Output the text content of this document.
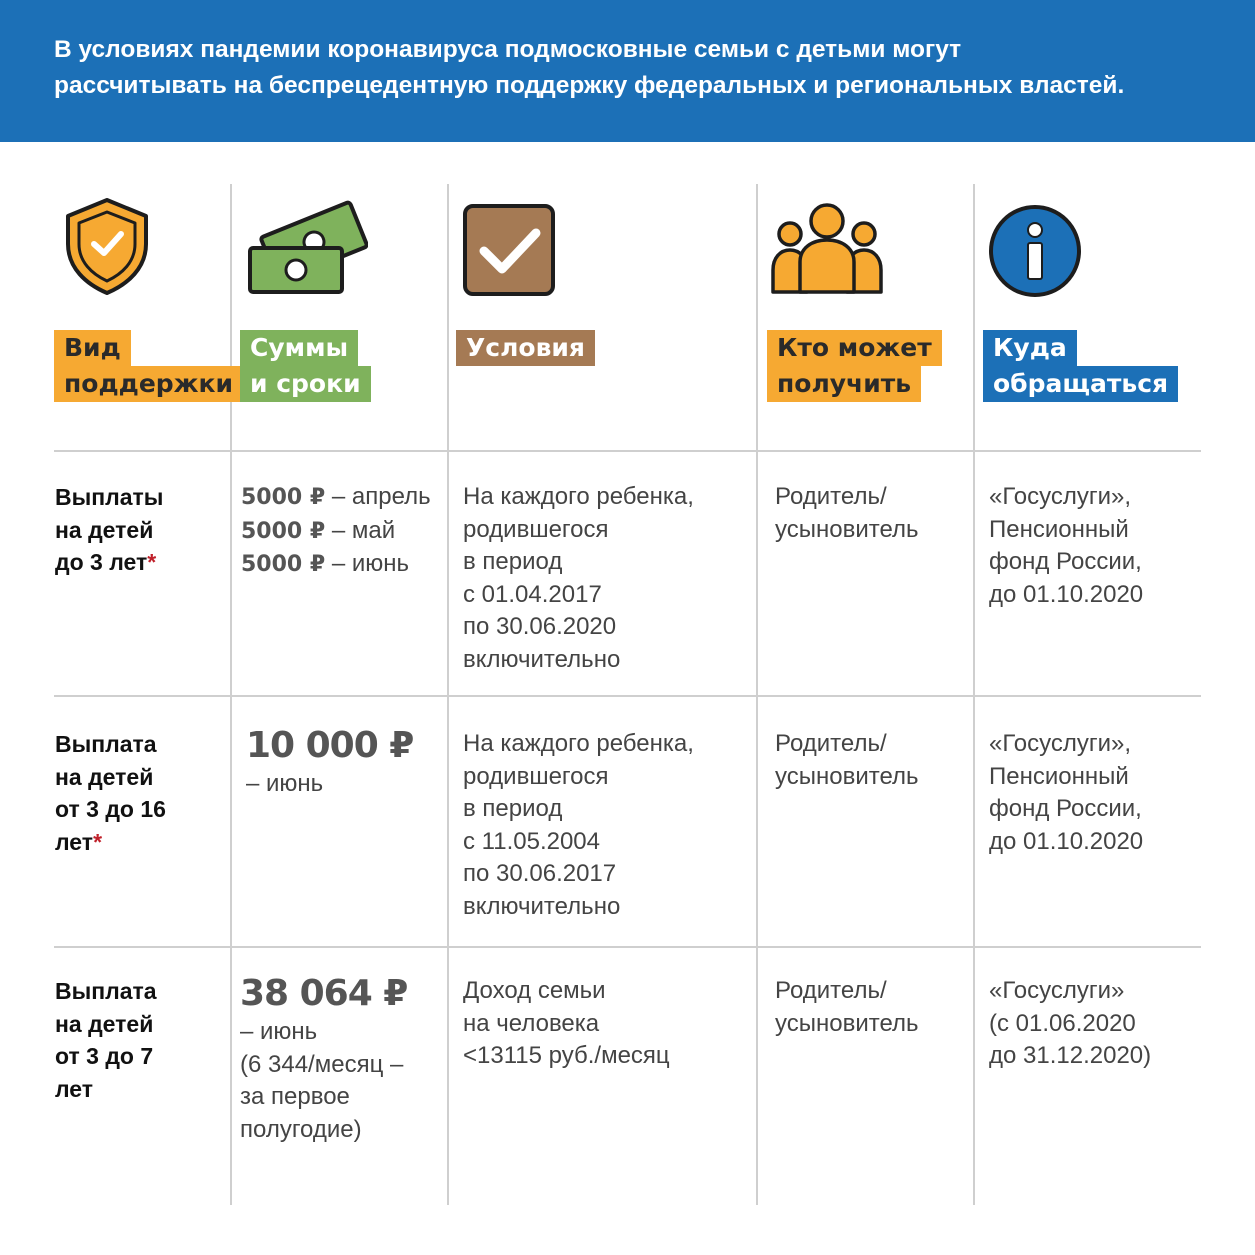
В условиях пандемии коронавируса подмосковные семьи с детьми могут
рассчитывать на беспрецедентную поддержку федеральных и региональных властей.

Вид
поддержки
Суммы
и сроки
Условия	Кто может
получить
Куда
обращаться
Выплаты
на детей
до 3 лет*
5000 ₽ – апрель
5000 ₽ – май
5000 ₽ – июнь
На каждого ребенка,
родившегося
в период
с 01.04.2017
по 30.06.2020
включительно
Родитель/
усыновитель
«Госуслуги»,
Пенсионный
фонд России,
до 01.10.2020
Выплата
на детей
от 3 до 16
лет*
10 000 ₽
– июнь
На каждого ребенка,
родившегося
в период
с 11.05.2004
по 30.06.2017
включительно
Родитель/
усыновитель
«Госуслуги»,
Пенсионный
фонд России,
до 01.10.2020
Выплата
на детей
от 3 до 7
лет
38 064 ₽
– июнь
(6 344/месяц –
за первое
полугодие)
Доход семьи
на человека
<13115 руб./месяц
Родитель/
усыновитель
«Госуслуги»
(с 01.06.2020
до 31.12.2020)
